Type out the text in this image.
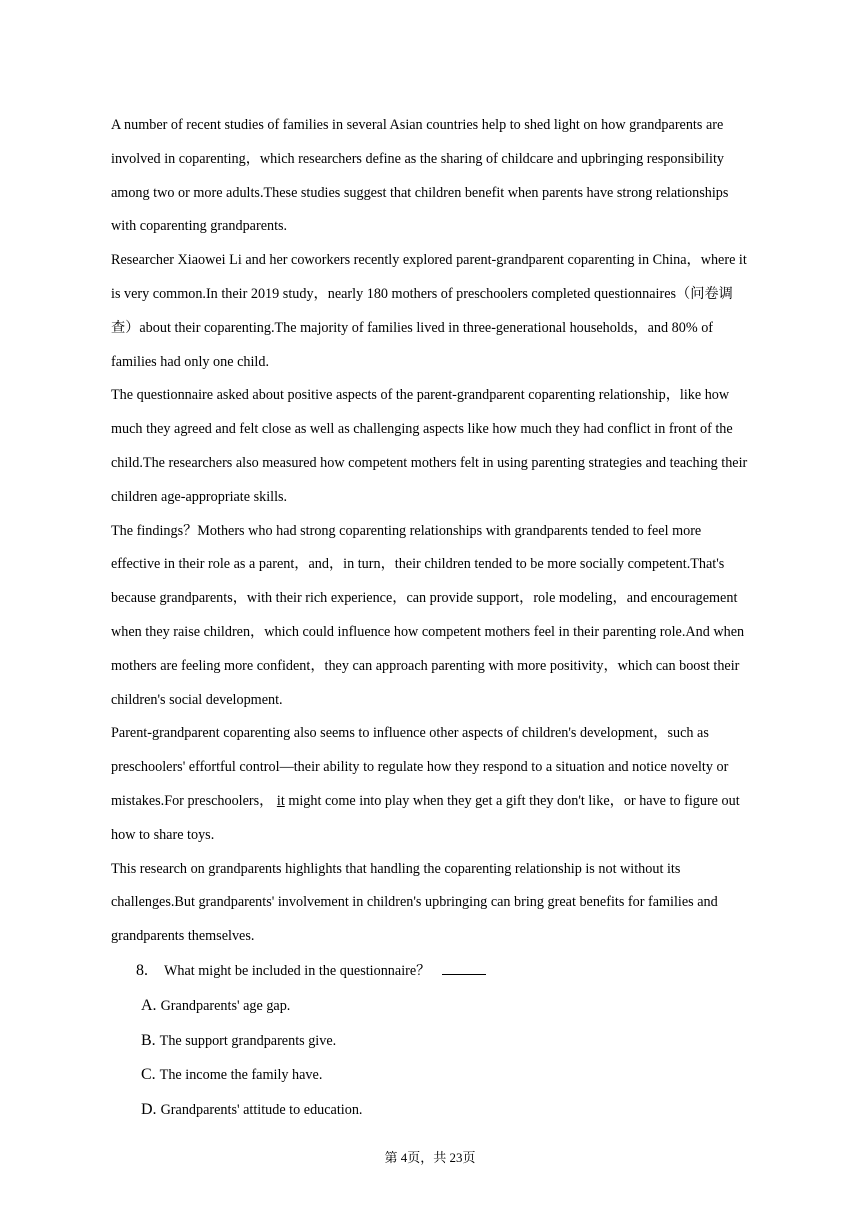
A number of recent studies of families in several Asian countries help to shed light on how grandparents are involved in coparenting，which researchers define as the sharing of childcare and upbringing responsibility among two or more adults.These studies suggest that children benefit when parents have strong relationships with coparenting grandparents.

Researcher Xiaowei Li and her coworkers recently explored parent-grandparent coparenting in China，where it is very common.In their 2019 study，nearly 180 mothers of preschoolers completed questionnaires（问卷调查）about their coparenting.The majority of families lived in three-generational households，and 80% of families had only one child.

The questionnaire asked about positive aspects of the parent-grandparent coparenting relationship，like how much they agreed and felt close as well as challenging aspects like how much they had conflict in front of the child.The researchers also measured how competent mothers felt in using parenting strategies and teaching their children age-appropriate skills.

The findings？Mothers who had strong coparenting relationships with grandparents tended to feel more effective in their role as a parent，and，in turn，their children tended to be more socially competent.That's because grandparents，with their rich experience，can provide support，role modeling，and encouragement when they raise children，which could influence how competent mothers feel in their parenting role.And when mothers are feeling more confident，they can approach parenting with more positivity，which can boost their children's social development.

Parent-grandparent coparenting also seems to influence other aspects of children's development，such as preschoolers' effortful control—their ability to regulate how they respond to a situation and notice novelty or mistakes.For preschoolers， it might come into play when they get a gift they don't like，or have to figure out how to share toys.

This research on grandparents highlights that handling the coparenting relationship is not without its challenges.But grandparents' involvement in children's upbringing can bring great benefits for families and grandparents themselves.

8. What might be included in the questionnaire？
A. Grandparents' age gap.
B. The support grandparents give.
C. The income the family have.
D. Grandparents' attitude to education.
第 4页，共 23页
